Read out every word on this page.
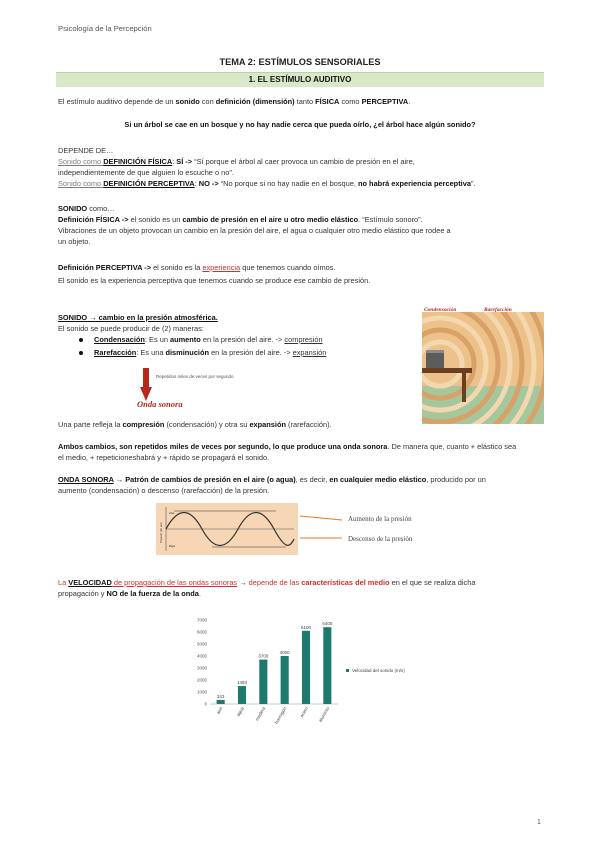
Psicología de la Percepción
TEMA 2: ESTÍMULOS SENSORIALES
1. EL ESTÍMULO AUDITIVO
El estímulo auditivo depende de un sonido con definición (dimensión) tanto FÍSICA como PERCEPTIVA.
Si un árbol se cae en un bosque y no hay nadie cerca que pueda oírlo, ¿el árbol hace algún sonido?
DEPENDE DE…
Sonido como DEFINICIÓN FÍSICA: SÍ -> “Sí porque el árbol al caer provoca un cambio de presión en el aire,
independientemente de que alguien lo escuche o no”.
Sonido como DEFINICIÓN PERCEPTIVA: NO -> “No porque si no hay nadie en el bosque, no habrá experiencia perceptiva”.
SONIDO como…
Definición FÍSICA -> el sonido es un cambio de presión en el aire u otro medio elástico. “Estímulo sonoro”.
Vibraciones de un objeto provocan un cambio en la presión del aire, el agua o cualquier otro medio elástico que rodee a
un objeto.
Definición PERCEPTIVA -> el sonido es la experiencia que tenemos cuando oímos.
El sonido es la experiencia perceptiva que tenemos cuando se produce ese cambio de presión.
SONIDO → cambio en la presión atmosférica.
El sonido se puede producir de (2) maneras:
Condensación: Es un aumento en la presión del aire. -> compresión
Rarefacción: Es una disminución en la presión del aire. -> expansión
Repetidos miles de veces por segundo
Onda sonora
Condensación	Rarefacción
Una parte refleja la compresión (condensación) y otra su expansión (rarefacción).
Ambos cambios, son repetidos miles de veces por segundo, lo que produce una onda sonora. De manera que, cuanto + elástico sea
el medio, + repeticioneshabrá y + rápido se propagará el sonido.
ONDA SONORA → Patrón de cambios de presión en el aire (o agua), es decir, en cualquier medio elástico, producido por un
aumento (condensación) o descenso (rarefacción) de la presión.
Alta
Baja
Presión del aire
Aumento de la presión
Descenso de la presión
La VELOCIDAD de propagación de las ondas sonoras → depende de las características del medio en el que se realiza dicha
propagación y NO de la fuerza de la onda.
0
1000
2000
3000
4000
5000
6000
7000
343
aire
1493
agua
3700
madera
4000
hormigón
6100
acero
6400
aluminio
Velocidad del sonido (m/s)
1
